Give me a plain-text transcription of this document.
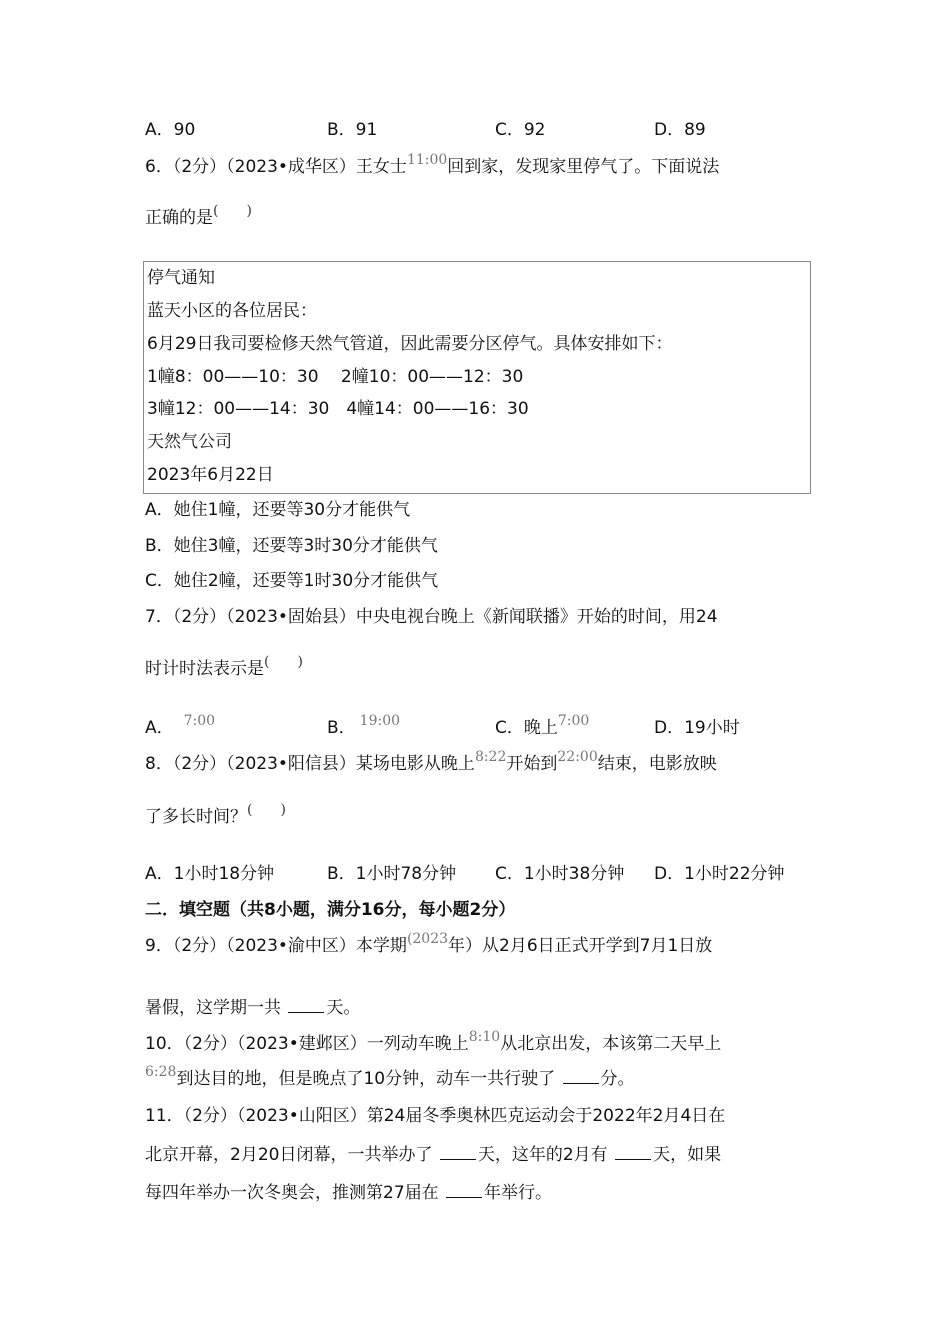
A．90	B．91	C．92	D．89
6．（2分）（2023•成华区）王女士$^{11:00}$回到家，发现家里停气了。下面说法
正确的是(　　)
停气通知
蓝天小区的各位居民：
6月29日我司要检修天然气管道，因此需要分区停气。具体安排如下：
1幢8：00——10：30　 2幢10：00——12：30
3幢12：00——14：30　4幢14：00——16：30
天然气公司
2023年6月22日
A．她住1幢，还要等30分才能供气
B．她住3幢，还要等3时30分才能供气
C．她住2幢，还要等1时30分才能供气
7．（2分）（2023•固始县）中央电视台晚上《新闻联播》开始的时间，用24
时计时法表示是(　　)
A． $^{7:00}$	B． $^{19:00}$	C．晚上$^{7:00}$	D．19小时
8．（2分）（2023•阳信县）某场电影从晚上$^{8:22}$开始到$^{22:00}$结束，电影放映
了多长时间？(　　)
A．1小时18分钟	B．1小时78分钟 C．1小时38分钟 D．1小时22分钟
二．填空题（共8小题，满分16分，每小题2分）
9．（2分）（2023•渝中区）本学期$^{(2023}$年）从2月6日正式开学到7月1日放
暑假，这学期一共	天。
10．（2分）（2023•建邺区）一列动车晚上$^{8:10}$从北京出发，本该第二天早上
$^{6:28}$到达目的地，但是晚点了10分钟，动车一共行驶了	分。
11．（2分）（2023•山阳区）第24届冬季奥林匹克运动会于2022年2月4日在
北京开幕，2月20日闭幕，一共举办了	天，这年的2月有	天，如果
每四年举办一次冬奥会，推测第27届在	年举行。
